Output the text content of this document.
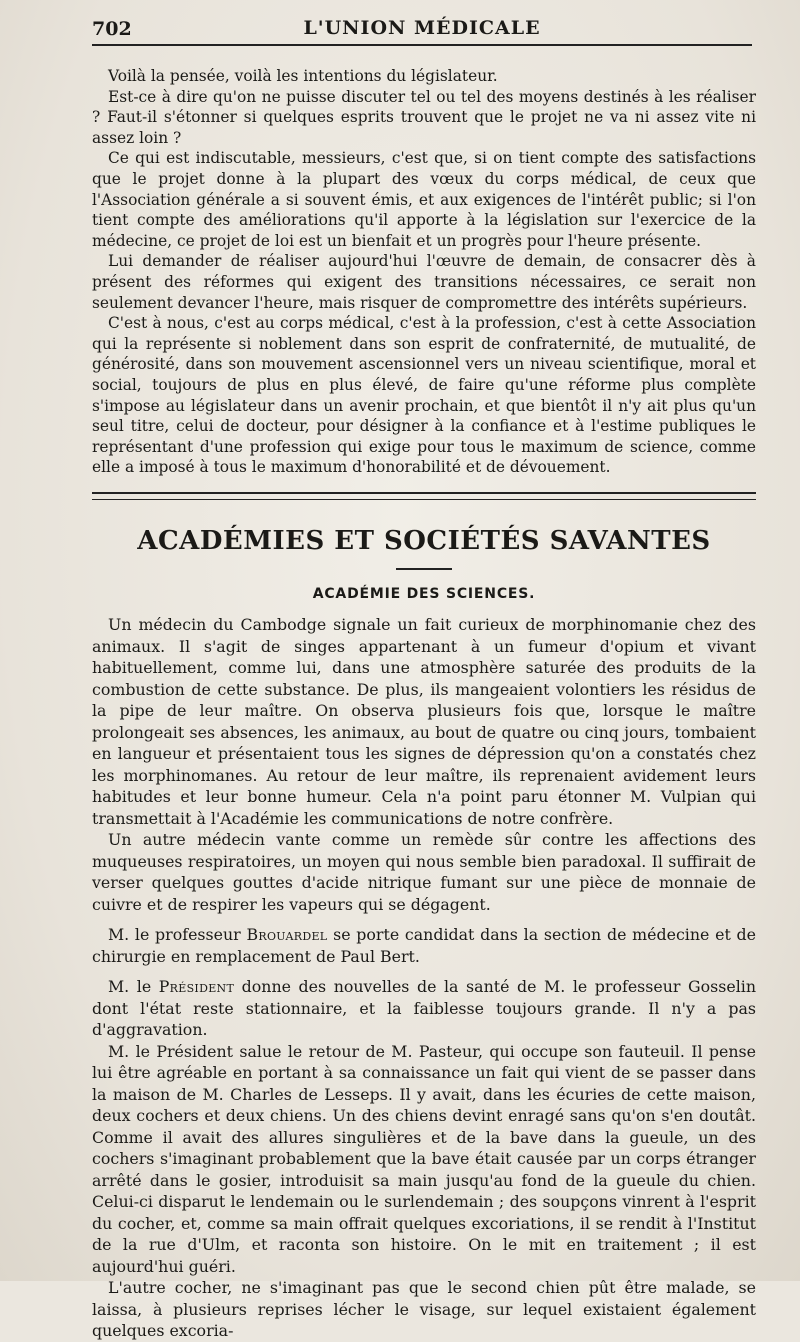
702	L'UNION MÉDICALE

Voilà la pensée, voilà les intentions du législateur.

Est-ce à dire qu'on ne puisse discuter tel ou tel des moyens destinés à les réaliser ? Faut-il s'étonner si quelques esprits trouvent que le projet ne va ni assez vite ni assez loin ?

Ce qui est indiscutable, messieurs, c'est que, si on tient compte des satisfactions que le projet donne à la plupart des vœux du corps médical, de ceux que l'Association générale a si souvent émis, et aux exigences de l'intérêt public; si l'on tient compte des améliorations qu'il apporte à la législation sur l'exercice de la médecine, ce projet de loi est un bienfait et un progrès pour l'heure présente.

Lui demander de réaliser aujourd'hui l'œuvre de demain, de consacrer dès à présent des réformes qui exigent des transitions nécessaires, ce serait non seulement devancer l'heure, mais risquer de compromettre des intérêts supérieurs.

C'est à nous, c'est au corps médical, c'est à la profession, c'est à cette Association qui la représente si noblement dans son esprit de confraternité, de mutualité, de générosité, dans son mouvement ascensionnel vers un niveau scientifique, moral et social, toujours de plus en plus élevé, de faire qu'une réforme plus complète s'impose au législateur dans un avenir prochain, et que bientôt il n'y ait plus qu'un seul titre, celui de docteur, pour désigner à la confiance et à l'estime publiques le représentant d'une profession qui exige pour tous le maximum de science, comme elle a imposé à tous le maximum d'honorabilité et de dévouement.

ACADÉMIES ET SOCIÉTÉS SAVANTES
ACADÉMIE DES SCIENCES.

Un médecin du Cambodge signale un fait curieux de morphinomanie chez des animaux. Il s'agit de singes appartenant à un fumeur d'opium et vivant habituellement, comme lui, dans une atmosphère saturée des produits de la combustion de cette substance. De plus, ils mangeaient volontiers les résidus de la pipe de leur maître. On observa plusieurs fois que, lorsque le maître prolongeait ses absences, les animaux, au bout de quatre ou cinq jours, tombaient en langueur et présentaient tous les signes de dépression qu'on a constatés chez les morphinomanes. Au retour de leur maître, ils reprenaient avidement leurs habitudes et leur bonne humeur. Cela n'a point paru étonner M. Vulpian qui transmettait à l'Académie les communications de notre confrère.

Un autre médecin vante comme un remède sûr contre les affections des muqueuses respiratoires, un moyen qui nous semble bien paradoxal. Il suffirait de verser quelques gouttes d'acide nitrique fumant sur une pièce de monnaie de cuivre et de respirer les vapeurs qui se dégagent.

M. le professeur Brouardel se porte candidat dans la section de médecine et de chirurgie en remplacement de Paul Bert.

M. le Président donne des nouvelles de la santé de M. le professeur Gosselin dont l'état reste stationnaire, et la faiblesse toujours grande. Il n'y a pas d'aggravation.

M. le Président salue le retour de M. Pasteur, qui occupe son fauteuil. Il pense lui être agréable en portant à sa connaissance un fait qui vient de se passer dans la maison de M. Charles de Lesseps. Il y avait, dans les écuries de cette maison, deux cochers et deux chiens. Un des chiens devint enragé sans qu'on s'en doutât. Comme il avait des allures singulières et de la bave dans la gueule, un des cochers s'imaginant probablement que la bave était causée par un corps étranger arrêté dans le gosier, introduisit sa main jusqu'au fond de la gueule du chien. Celui-ci disparut le lendemain ou le surlendemain ; des soupçons vinrent à l'esprit du cocher, et, comme sa main offrait quelques excoriations, il se rendit à l'Institut de la rue d'Ulm, et raconta son histoire. On le mit en traitement ; il est aujourd'hui guéri.

L'autre cocher, ne s'imaginant pas que le second chien pût être malade, se laissa, à plusieurs reprises lécher le visage, sur lequel existaient également quelques excoria-
